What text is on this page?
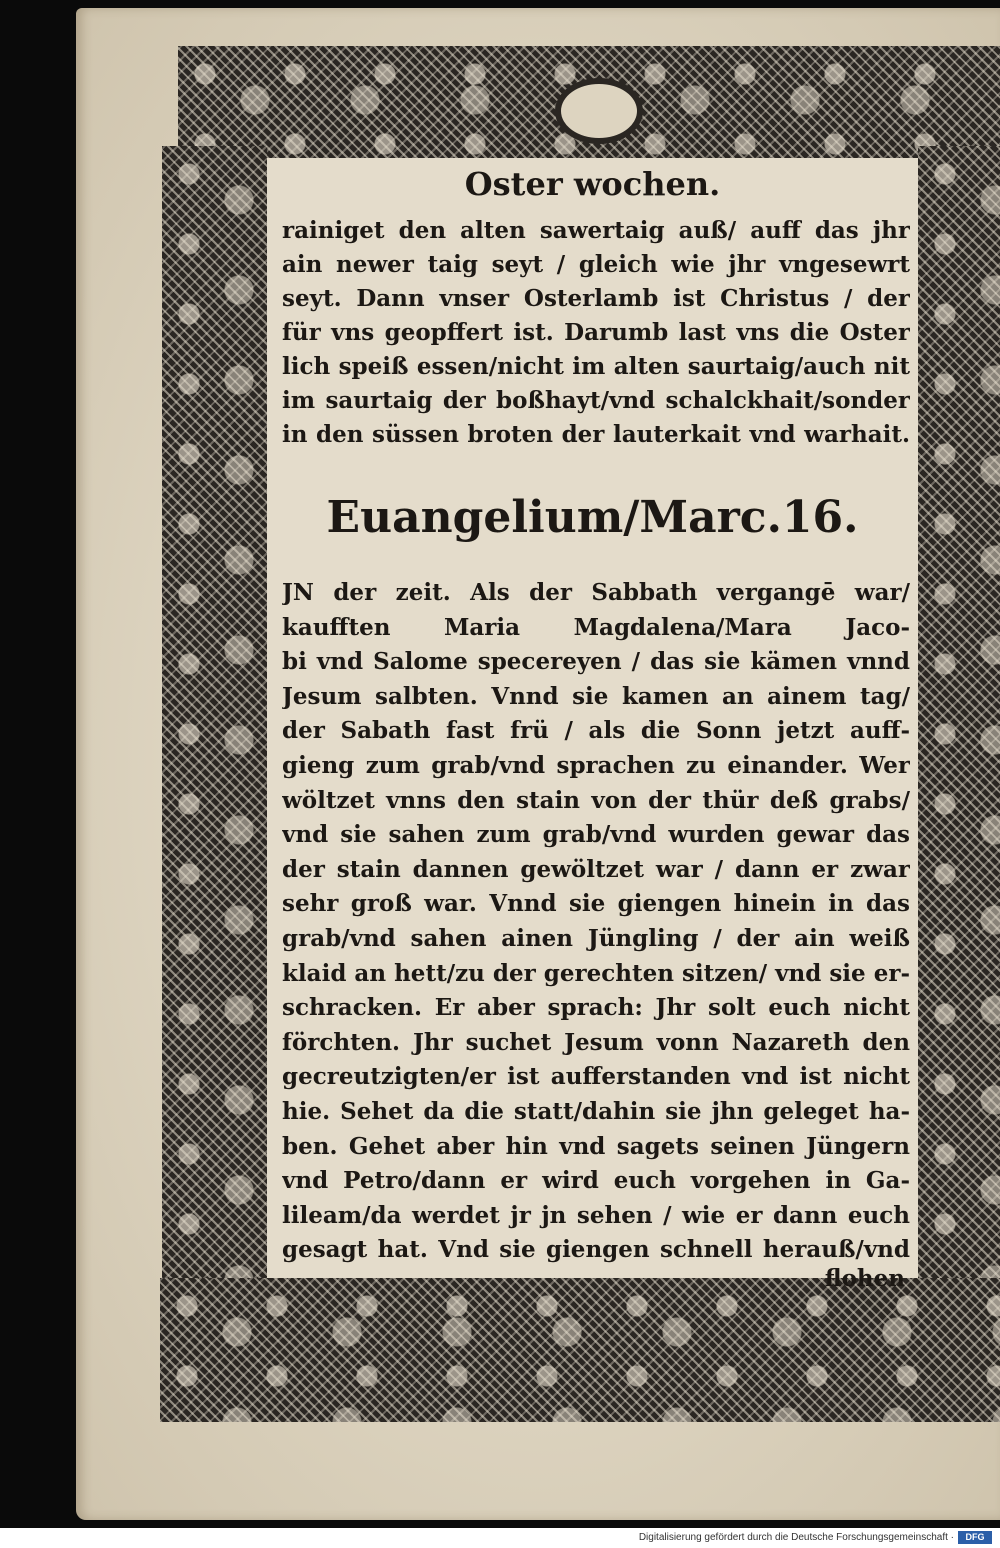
Oster wochen.
rainiget den alten sawertaig auß/ auff das jhr
ain newer taig seyt / gleich wie jhr vngesewrt
seyt. Dann vnser Osterlamb ist Christus / der
für vns geopffert ist. Darumb last vns die Oster
lich speiß essen/nicht im alten saurtaig/auch nit
im saurtaig der boßhayt/vnd schalckhait/sonder
in den süssen broten der lauterkait vnd warhait.
Euangelium/Marc.16.
JN der zeit. Als der Sabbath vergangē war/
kaufften Maria Magdalena/Mara Jaco-
bi vnd Salome specereyen / das sie kämen vnnd
Jesum salbten. Vnnd sie kamen an ainem tag/
der Sabath fast frü / als die Sonn jetzt auff-
gieng zum grab/vnd sprachen zu einander. Wer
wöltzet vnns den stain von der thür deß grabs/
vnd sie sahen zum grab/vnd wurden gewar das
der stain dannen gewöltzet war / dann er zwar
sehr groß war. Vnnd sie giengen hinein in das
grab/vnd sahen ainen Jüngling / der ain weiß
klaid an hett/zu der gerechten sitzen/ vnd sie er-
schracken. Er aber sprach: Jhr solt euch nicht
förchten. Jhr suchet Jesum vonn Nazareth den
gecreutzigten/er ist aufferstanden vnd ist nicht
hie. Sehet da die statt/dahin sie jhn geleget ha-
ben. Gehet aber hin vnd sagets seinen Jüngern
vnd Petro/dann er wird euch vorgehen in Ga-
lileam/da werdet jr jn sehen / wie er dann euch
gesagt hat. Vnd sie giengen schnell herauß/vnd
flohen
Digitalisierung gefördert durch die Deutsche Forschungsgemeinschaft ·	DFG
